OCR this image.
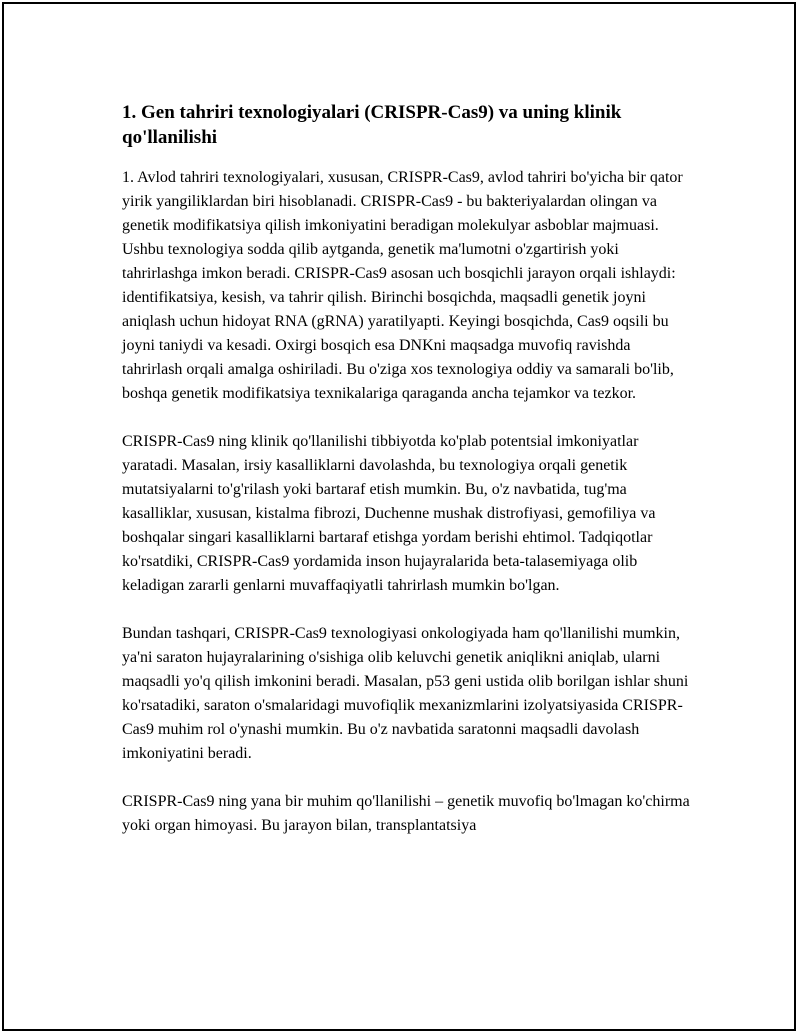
1. Gen tahriri texnologiyalari (CRISPR-Cas9) va uning klinik qo'llanilishi

1. Avlod tahriri texnologiyalari, xususan, CRISPR-Cas9, avlod tahriri bo'yicha bir qator yirik yangiliklardan biri hisoblanadi. CRISPR-Cas9 - bu bakteriyalardan olingan va genetik modifikatsiya qilish imkoniyatini beradigan molekulyar asboblar majmuasi. Ushbu texnologiya sodda qilib aytganda, genetik ma'lumotni o'zgartirish yoki tahrirlashga imkon beradi. CRISPR-Cas9 asosan uch bosqichli jarayon orqali ishlaydi: identifikatsiya, kesish, va tahrir qilish. Birinchi bosqichda, maqsadli genetik joyni aniqlash uchun hidoyat RNA (gRNA) yaratilyapti. Keyingi bosqichda, Cas9 oqsili bu joyni taniydi va kesadi. Oxirgi bosqich esa DNKni maqsadga muvofiq ravishda tahrirlash orqali amalga oshiriladi. Bu o'ziga xos texnologiya oddiy va samarali bo'lib, boshqa genetik modifikatsiya texnikalariga qaraganda ancha tejamkor va tezkor.

CRISPR-Cas9 ning klinik qo'llanilishi tibbiyotda ko'plab potentsial imkoniyatlar yaratadi. Masalan, irsiy kasalliklarni davolashda, bu texnologiya orqali genetik mutatsiyalarni to'g'rilash yoki bartaraf etish mumkin. Bu, o'z navbatida, tug'ma kasalliklar, xususan, kistalma fibrozi, Duchenne mushak distrofiyasi, gemofiliya va boshqalar singari kasalliklarni bartaraf etishga yordam berishi ehtimol. Tadqiqotlar ko'rsatdiki, CRISPR-Cas9 yordamida inson hujayralarida beta-talasemiyaga olib keladigan zararli genlarni muvaffaqiyatli tahrirlash mumkin bo'lgan.

Bundan tashqari, CRISPR-Cas9 texnologiyasi onkologiyada ham qo'llanilishi mumkin, ya'ni saraton hujayralarining o'sishiga olib keluvchi genetik aniqlikni aniqlab, ularni maqsadli yo'q qilish imkonini beradi. Masalan, p53 geni ustida olib borilgan ishlar shuni ko'rsatadiki, saraton o'smalaridagi muvofiqlik mexanizmlarini izolyatsiyasida CRISPR-Cas9 muhim rol o'ynashi mumkin. Bu o'z navbatida saratonni maqsadli davolash imkoniyatini beradi.

CRISPR-Cas9 ning yana bir muhim qo'llanilishi – genetik muvofiq bo'lmagan ko'chirma yoki organ himoyasi. Bu jarayon bilan, transplantatsiya
